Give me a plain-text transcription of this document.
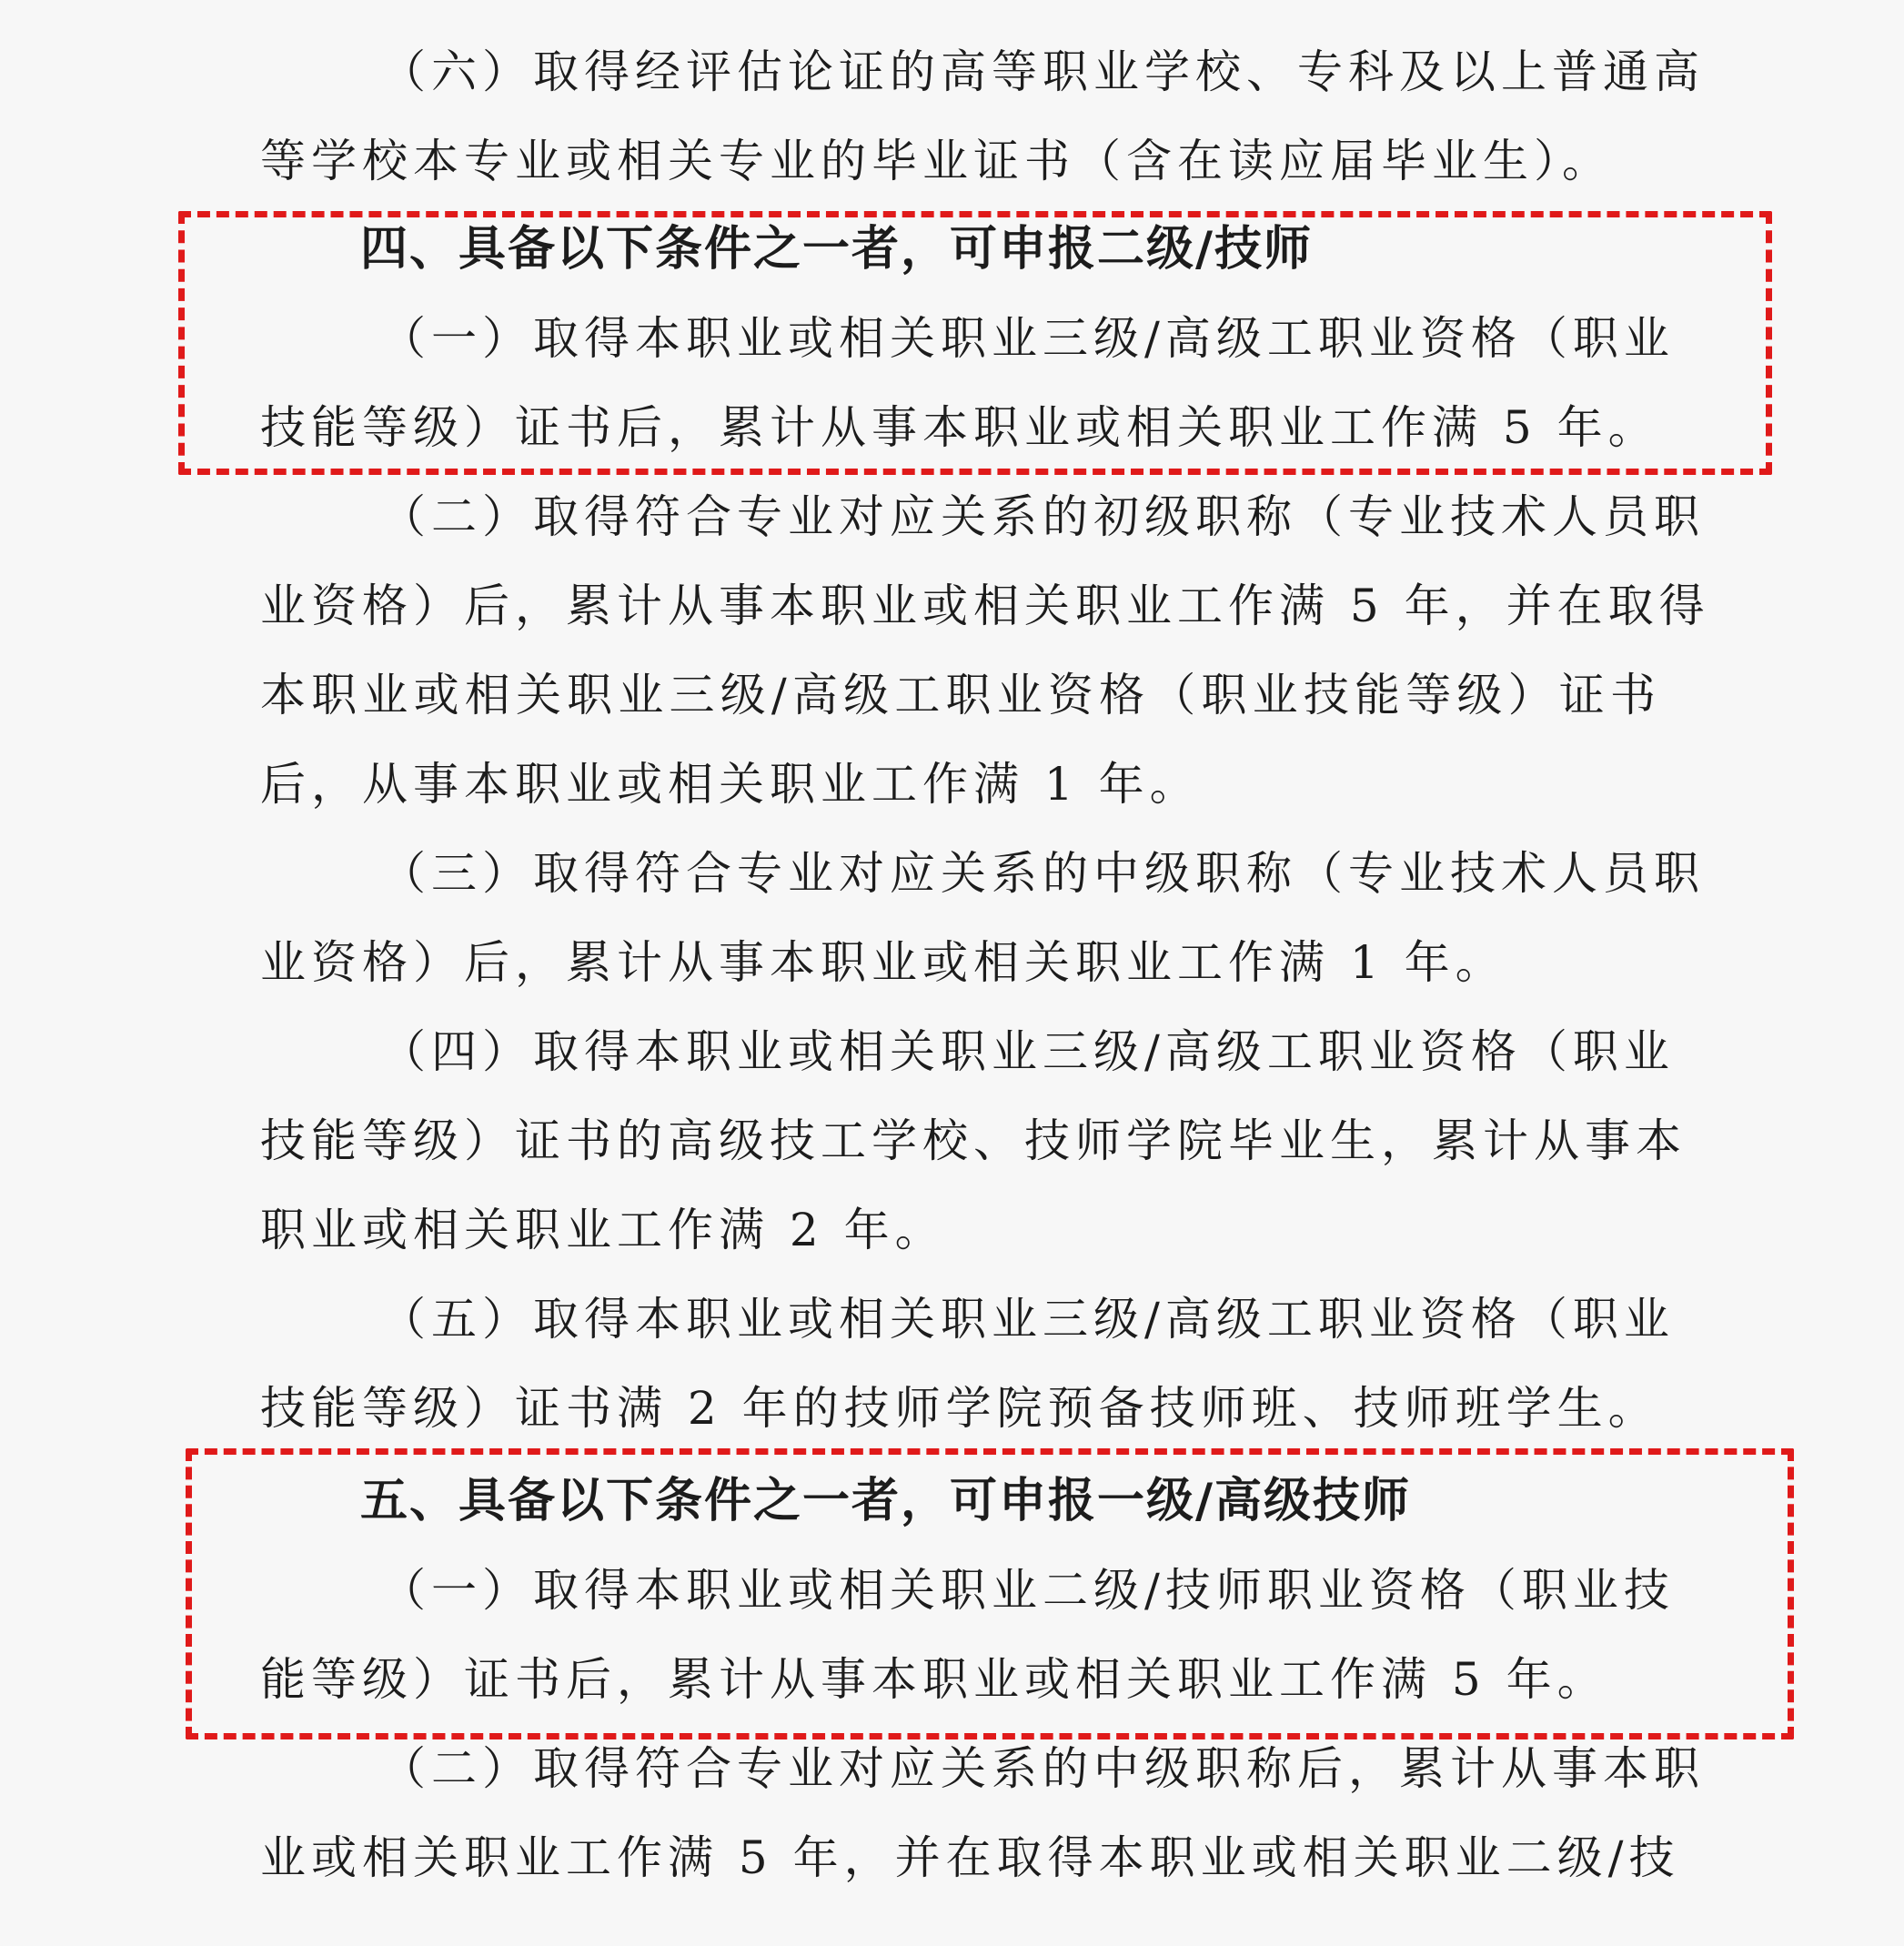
（六）取得经评估论证的高等职业学校、专科及以上普通高
等学校本专业或相关专业的毕业证书（含在读应届毕业生）。
四、具备以下条件之一者，可申报二级/技师
（一）取得本职业或相关职业三级/高级工职业资格（职业
技能等级）证书后，累计从事本职业或相关职业工作满 5 年。
（二）取得符合专业对应关系的初级职称（专业技术人员职
业资格）后，累计从事本职业或相关职业工作满 5 年，并在取得
本职业或相关职业三级/高级工职业资格（职业技能等级）证书
后，从事本职业或相关职业工作满 1 年。
（三）取得符合专业对应关系的中级职称（专业技术人员职
业资格）后，累计从事本职业或相关职业工作满 1 年。
（四）取得本职业或相关职业三级/高级工职业资格（职业
技能等级）证书的高级技工学校、技师学院毕业生，累计从事本
职业或相关职业工作满 2 年。
（五）取得本职业或相关职业三级/高级工职业资格（职业
技能等级）证书满 2 年的技师学院预备技师班、技师班学生。
五、具备以下条件之一者，可申报一级/高级技师
（一）取得本职业或相关职业二级/技师职业资格（职业技
能等级）证书后，累计从事本职业或相关职业工作满 5 年。
（二）取得符合专业对应关系的中级职称后，累计从事本职
业或相关职业工作满 5 年，并在取得本职业或相关职业二级/技
